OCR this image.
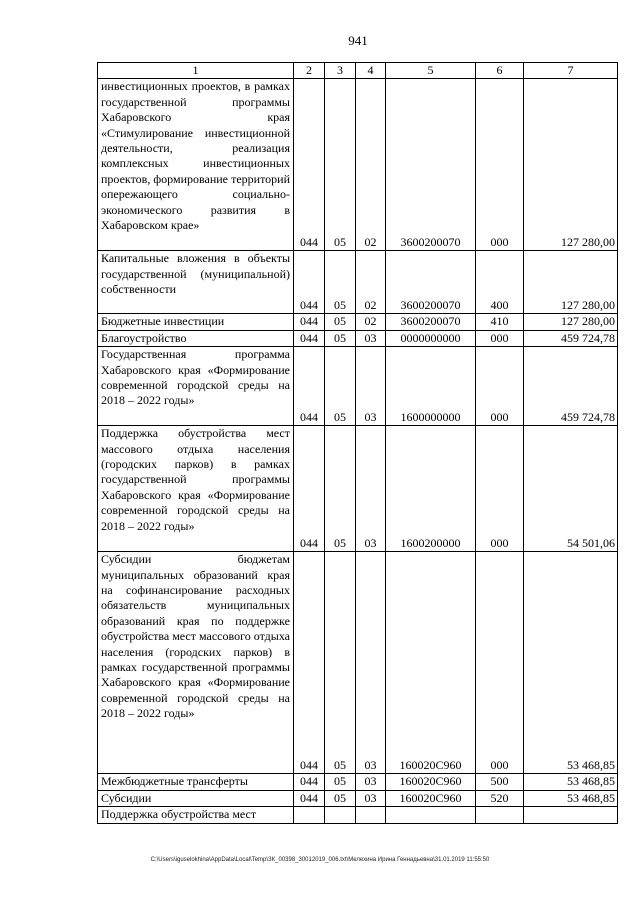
941
1	2	3	4	5	6	7
инвестиционных проектов, в рамках государственной программы Хабаровского края «Стимулирование инвестиционной деятельности, реализация комплексных инвестиционных проектов, формирование территорий опережающего социально-экономического развития в Хабаровском крае»	044	05	02	3600200070	000	127 280,00
Капитальные вложения в объекты государственной (муниципальной) собственности	044	05	02	3600200070	400	127 280,00
Бюджетные инвестиции	044	05	02	3600200070	410	127 280,00
Благоустройство	044	05	03	0000000000	000	459 724,78
Государственная программа Хабаровского края «Формирование современной городской среды на 2018 – 2022 годы»	044	05	03	1600000000	000	459 724,78
Поддержка обустройства мест массового отдыха населения (городских парков) в рамках государственной программы Хабаровского края «Формирование современной городской среды на 2018 – 2022 годы»	044	05	03	1600200000	000	54 501,06
Субсидии бюджетам муниципальных образований края на софинансирование расходных обязательств муниципальных образований края по поддержке обустройства мест массового отдыха населения (городских парков) в рамках государственной программы Хабаровского края «Формирование современной городской среды на 2018 – 2022 годы»	044	05	03	160020С960	000	53 468,85
Межбюджетные трансферты	044	05	03	160020С960	500	53 468,85
Субсидии	044	05	03	160020С960	520	53 468,85
Поддержка обустройства мест						
C:\Users\iguselokhina\AppData\Local\Temp\ЗК_00398_30012019_006.txt\Мелехина Ирина Геннадьевна\31.01.2019 11:55:50
